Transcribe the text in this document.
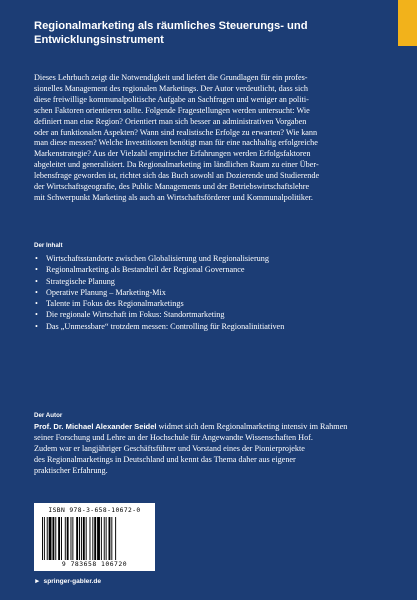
Regionalmarketing als räumliches Steuerungs- und
Entwicklungsinstrument

Dieses Lehrbuch zeigt die Notwendigkeit und liefert die Grundlagen für ein profes-
sionelles Management des regionalen Marketings. Der Autor verdeutlicht, dass sich
diese freiwillige kommunalpolitische Aufgabe an Sachfragen und weniger an politi-
schen Faktoren orientieren sollte. Folgende Fragestellungen werden untersucht: Wie
definiert man eine Region? Orientiert man sich besser an administrativen Vorgaben
oder an funktionalen Aspekten? Wann sind realistische Erfolge zu erwarten? Wie kann
man diese messen? Welche Investitionen benötigt man für eine nachhaltig erfolgreiche
Markenstrategie? Aus der Vielzahl empirischer Erfahrungen werden Erfolgsfaktoren
abgeleitet und generalisiert. Da Regionalmarketing im ländlichen Raum zu einer Über-
lebensfrage geworden ist, richtet sich das Buch sowohl an Dozierende und Studierende
der Wirtschaftsgeografie, des Public Managements und der Betriebswirtschaftslehre
mit Schwerpunkt Marketing als auch an Wirtschaftsförderer und Kommunalpolitiker.

Der Inhalt
• Wirtschaftsstandorte zwischen Globalisierung und Regionalisierung
• Regionalmarketing als Bestandteil der Regional Governance
• Strategische Planung
• Operative Planung – Marketing-Mix
• Talente im Fokus des Regionalmarketings
• Die regionale Wirtschaft im Fokus: Standortmarketing
• Das „Unmessbare“ trotzdem messen: Controlling für Regionalinitiativen
Der Autor

Prof. Dr. Michael Alexander Seidel widmet sich dem Regionalmarketing intensiv im Rahmen
seiner Forschung und Lehre an der Hochschule für Angewandte Wissenschaften Hof.
Zudem war er langjähriger Geschäftsführer und Vorstand eines der Pionierprojekte
des Regionalmarketings in Deutschland und kennt das Thema daher aus eigener
praktischer Erfahrung.

ISBN 978-3-658-10672-0
9 783658 106720
► springer-gabler.de
